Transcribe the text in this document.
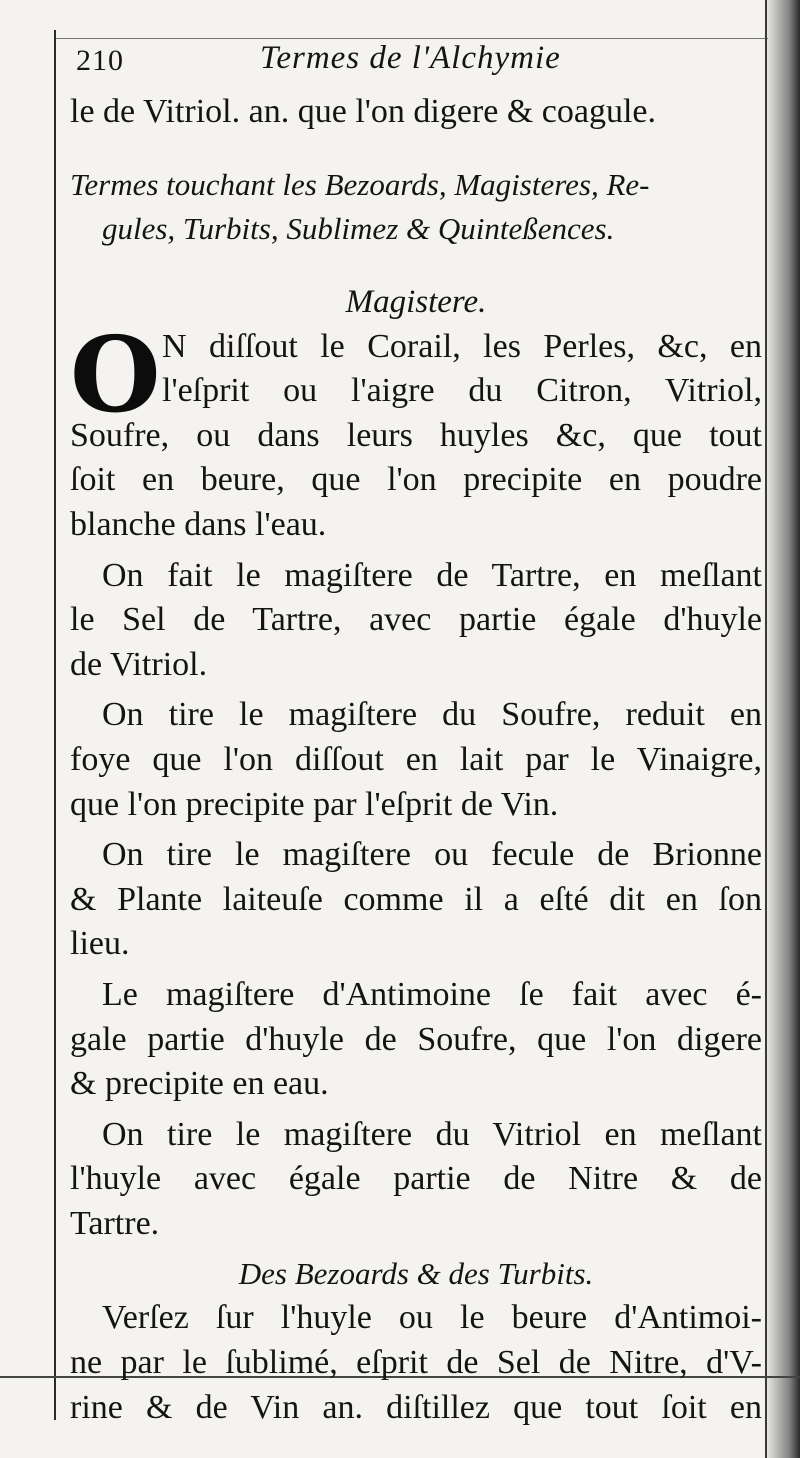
210	Termes de l'Alchymie
le de Vitriol. an. que l'on digere & coagule.
Termes touchant les Bezoards, Magisteres, Re-
gules, Turbits, Sublimez & Quinteßences.
Magistere.
O N diſſout le Corail, les Perles, &c, en
l'eſprit ou l'aigre du Citron, Vitriol,
Soufre, ou dans leurs huyles &c, que tout
ſoit en beure, que l'on precipite en poudre
blanche dans l'eau.
On fait le magiſtere de Tartre, en meſlant
le Sel de Tartre, avec partie égale d'huyle
de Vitriol.
On tire le magiſtere du Soufre, reduit en
foye que l'on diſſout en lait par le Vinaigre,
que l'on precipite par l'eſprit de Vin.
On tire le magiſtere ou fecule de Brionne
& Plante laiteuſe comme il a eſté dit en ſon
lieu.
Le magiſtere d'Antimoine ſe fait avec é-
gale partie d'huyle de Soufre, que l'on digere
& precipite en eau.
On tire le magiſtere du Vitriol en meſlant
l'huyle avec égale partie de Nitre & de
Tartre.
Des Bezoards & des Turbits.
Verſez ſur l'huyle ou le beure d'Antimoi-
ne par le ſublimé, eſprit de Sel de Nitre, d'V-
rine & de Vin an. diſtillez que tout ſoit en
